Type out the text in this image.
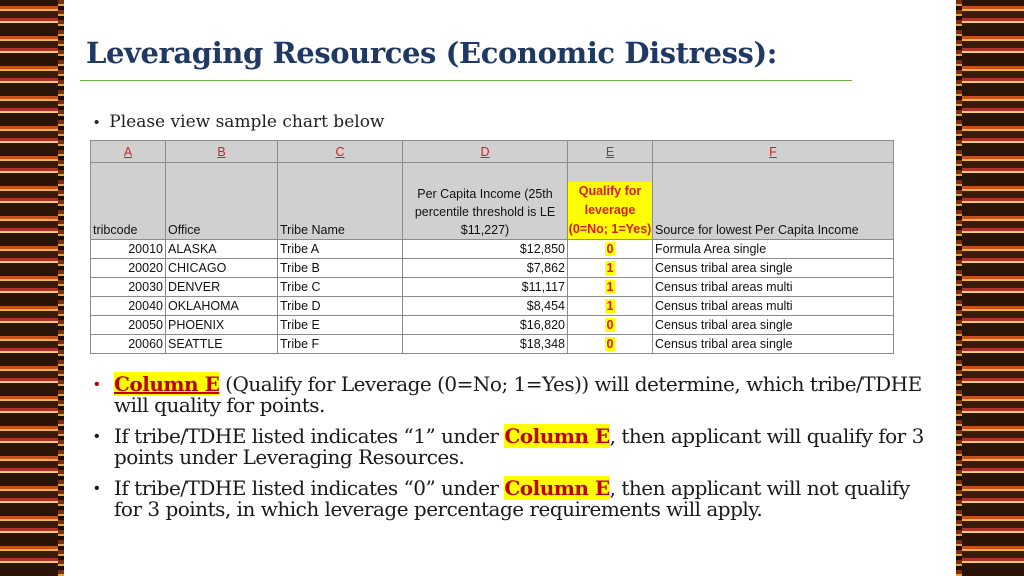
Leveraging Resources (Economic Distress):
• Please view sample chart below
A	B	C	D	E	F
tribcode	Office	Tribe Name	Per Capita Income (25th percentile threshold is LE $11,227)	Qualify for leverage (0=No; 1=Yes)	Source for lowest Per Capita Income
20010	ALASKA	Tribe A	$12,850	0	Formula Area single
20020	CHICAGO	Tribe B	$7,862	1	Census tribal area single
20030	DENVER	Tribe C	$11,117	1	Census tribal areas multi
20040	OKLAHOMA	Tribe D	$8,454	1	Census tribal areas multi
20050	PHOENIX	Tribe E	$16,820	0	Census tribal area single
20060	SEATTLE	Tribe F	$18,348	0	Census tribal area single
• Column E (Qualify for Leverage (0=No; 1=Yes)) will determine, which tribe/TDHE will quality for points.
• If tribe/TDHE listed indicates “1” under Column E, then applicant will qualify for 3 points under Leveraging Resources.
• If tribe/TDHE listed indicates “0” under Column E, then applicant will not qualify for 3 points, in which leverage percentage requirements will apply.
